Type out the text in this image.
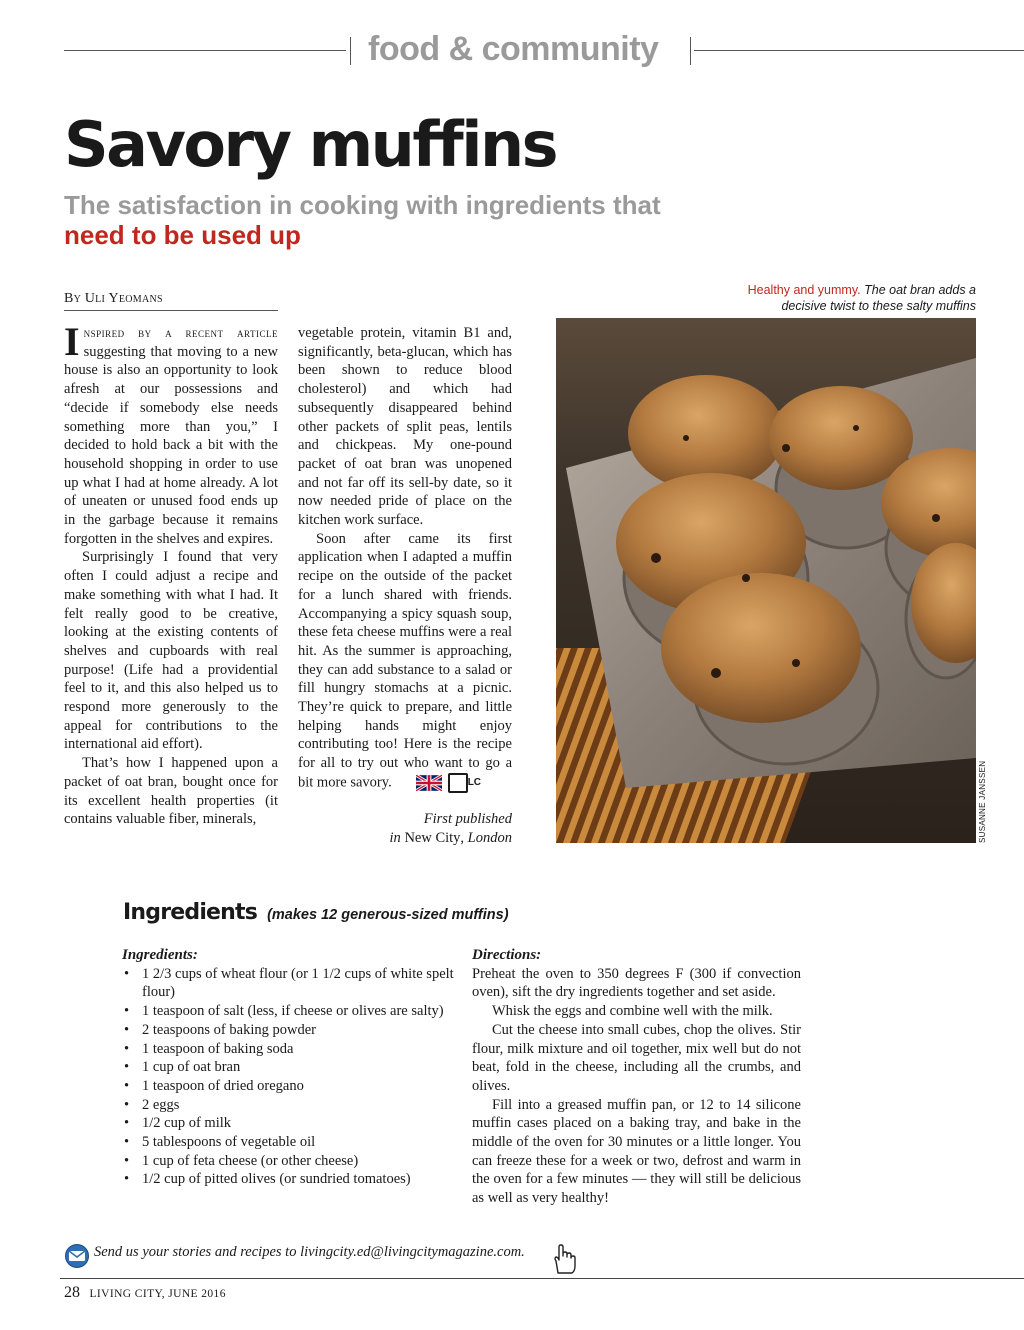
food & community
Savory muffins
The satisfaction in cooking with ingredients that need to be used up
By Uli Yeomans

Inspired by a recent article suggesting that moving to a new house is also an opportunity to look afresh at our possessions and “decide if somebody else needs something more than you,” I decided to hold back a bit with the household shopping in order to use up what I had at home already. A lot of uneaten or unused food ends up in the garbage because it remains forgotten in the shelves and expires.

Surprisingly I found that very often I could adjust a recipe and make something with what I had. It felt really good to be creative, looking at the existing contents of shelves and cupboards with real purpose! (Life had a providential feel to it, and this also helped us to respond more generously to the appeal for contributions to the international aid effort).

That’s how I happened upon a packet of oat bran, bought once for its excellent health properties (it contains valuable fiber, minerals,

vegetable protein, vitamin B1 and, significantly, beta-glucan, which has been shown to reduce blood cholesterol) and which had subsequently disappeared behind other packets of split peas, lentils and chickpeas. My one-pound packet of oat bran was unopened and not far off its sell-by date, so it now needed pride of place on the kitchen work surface.

Soon after came its first application when I adapted a muffin recipe on the outside of the packet for a lunch shared with friends. Accompanying a spicy squash soup, these feta cheese muffins were a real hit. As the summer is approaching, they can add substance to a salad or fill hungry stomachs at a picnic. They’re quick to prepare, and little helping hands might enjoy contributing too! Here is the recipe for all to try out who want to go a bit more savory.	LC

First published
in New City, London
Healthy and yummy. The oat bran adds a decisive twist to these salty muffins
SUSANNE JANSSEN
Ingredients (makes 12 generous-sized muffins)
Ingredients:
• 1 2/3 cups of wheat flour (or 1 1/2 cups of white spelt flour)
• 1 teaspoon of salt (less, if cheese or olives are salty)
• 2 teaspoons of baking powder
• 1 teaspoon of baking soda
• 1 cup of oat bran
• 1 teaspoon of dried oregano
• 2 eggs
• 1/2 cup of milk
• 5 tablespoons of vegetable oil
• 1 cup of feta cheese (or other cheese)
• 1/2 cup of pitted olives (or sundried tomatoes)
Directions:

Preheat the oven to 350 degrees F (300 if convection oven), sift the dry ingredients together and set aside.

Whisk the eggs and combine well with the milk.

Cut the cheese into small cubes, chop the olives. Stir flour, milk mixture and oil together, mix well but do not beat, fold in the cheese, including all the crumbs, and olives.

Fill into a greased muffin pan, or 12 to 14 silicone muffin cases placed on a baking tray, and bake in the middle of the oven for 30 minutes or a little longer. You can freeze these for a week or two, defrost and warm in the oven for a few minutes — they will still be delicious as well as very healthy!

Send us your stories and recipes to livingcity.ed@livingcitymagazine.com.
28 LIVING CITY, JUNE 2016
